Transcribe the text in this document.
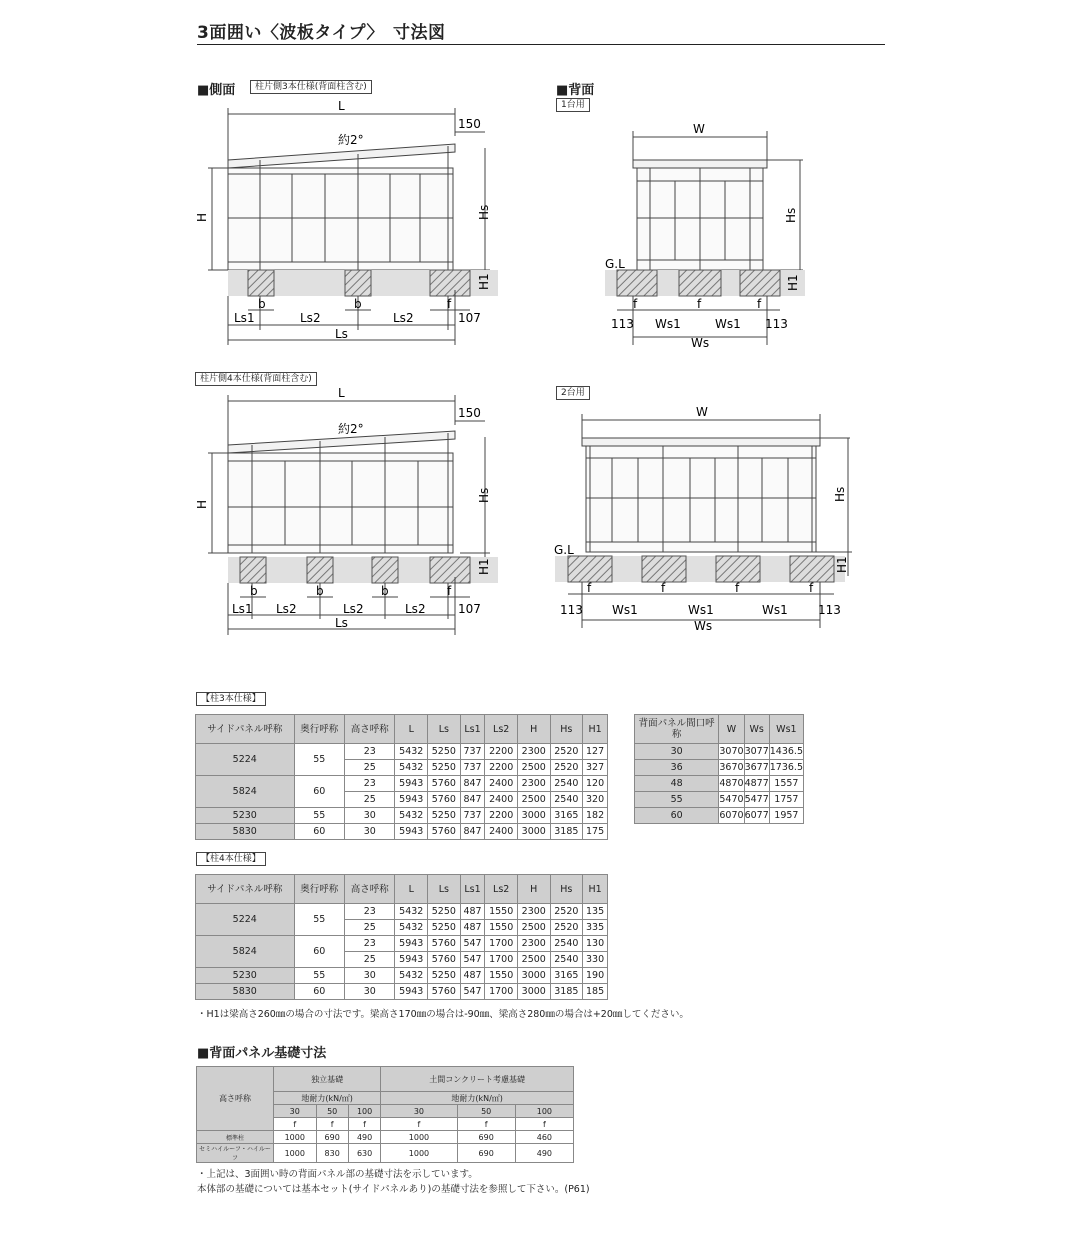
3面囲い〈波板タイプ〉　寸法図
■側面	柱片側3本仕様(背面柱含む)	■背面
1台用
柱片側4本仕様(背面柱含む)
2台用
約2°
L
150
H	Hs
H1
b	b	f
Ls1	Ls2	Ls2	107
Ls
W
G.L
Hs
H1
f	f	f
113 Ws1	Ws1 113
Ws
L
約2°
150
H
Hs
H1
b	b	b	f
Ls1 Ls2	Ls2	Ls2	107
Ls
W
G.L
Hs
H1
f	f	f	f
113 Ws1	Ws1	Ws1	113
Ws
【柱3本仕様】
サイドパネル呼称	奥行呼称	高さ呼称	L	Ls	Ls1	Ls2	H	Hs	H1
5224	55	23	5432	5250	737	2200	2300	2520	127
		25	5432	5250	737	2200	2500	2520	327
5824	60	23	5943	5760	847	2400	2300	2540	120
		25	5943	5760	847	2400	2500	2540	320
5230	55	30	5432	5250	737	2200	3000	3165	182
5830	60	30	5943	5760	847	2400	3000	3185	175
背面パネル間口呼称	W	Ws	Ws1
30	3070	3077	1436.5
36	3670	3677	1736.5
48	4870	4877	1557
55	5470	5477	1757
60	6070	6077	1957
【柱4本仕様】
サイドパネル呼称	奥行呼称	高さ呼称	L	Ls	Ls1	Ls2	H	Hs	H1
5224	55	23	5432	5250	487	1550	2300	2520	135
		25	5432	5250	487	1550	2500	2520	335
5824	60	23	5943	5760	547	1700	2300	2540	130
		25	5943	5760	547	1700	2500	2540	330
5230	55	30	5432	5250	487	1550	3000	3165	190
5830	60	30	5943	5760	547	1700	3000	3185	185
・H1は梁高さ260㎜の場合の寸法です。梁高さ170㎜の場合は-90㎜、梁高さ280㎜の場合は+20㎜してください。
■背面パネル基礎寸法
高さ呼称	独立基礎			土間コンクリート考慮基礎		
	地耐力(kN/㎡)			地耐力(kN/㎡)		
	30	50	100	30	50	100
	f	f	f	f	f	f
標準柱	1000	690	490	1000	690	460
セミハイルーフ・ハイルーフ	1000	830	630	1000	690	490
・上記は、3面囲い時の背面パネル部の基礎寸法を示しています。
本体部の基礎については基本セット(サイドパネルあり)の基礎寸法を参照して下さい。(P61)
